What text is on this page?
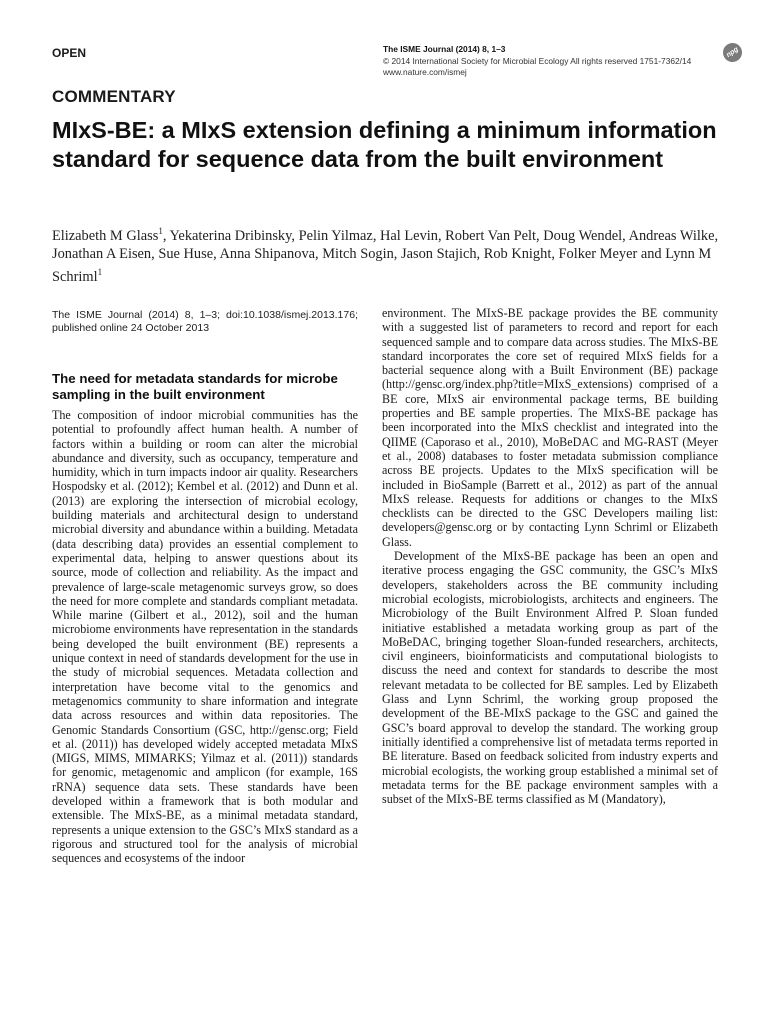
OPEN	The ISME Journal (2014) 8, 1–3
© 2014 International Society for Microbial Ecology All rights reserved 1751-7362/14
www.nature.com/ismej
npg
COMMENTARY
MIxS-BE: a MIxS extension defining a minimum information standard for sequence data from the built environment

Elizabeth M Glass$^1$, Yekaterina Dribinsky, Pelin Yilmaz, Hal Levin, Robert Van Pelt, Doug Wendel, Andreas Wilke, Jonathan A Eisen, Sue Huse, Anna Shipanova, Mitch Sogin, Jason Stajich, Rob Knight, Folker Meyer and Lynn M Schriml$^1$

The ISME Journal (2014) 8, 1–3; doi:10.1038/ismej.2013.176; published online 24 October 2013
The need for metadata standards for microbe sampling in the built environment

The composition of indoor microbial communities has the potential to profoundly affect human health. A number of factors within a building or room can alter the microbial abundance and diversity, such as occupancy, temperature and humidity, which in turn impacts indoor air quality. Researchers Hospodsky et al. (2012); Kembel et al. (2012) and Dunn et al. (2013) are exploring the intersection of microbial ecology, building materials and architectural design to understand microbial diversity and abundance within a building. Metadata (data describing data) provides an essential complement to experimental data, helping to answer questions about its source, mode of collection and reliability. As the impact and prevalence of large-scale metagenomic surveys grow, so does the need for more complete and standards compliant metadata. While marine (Gilbert et al., 2012), soil and the human microbiome environments have representation in the standards being developed the built environment (BE) represents a unique context in need of standards development for the use in the study of microbial sequences. Metadata collection and interpretation have become vital to the genomics and metagenomics community to share information and integrate data across resources and within data repositories. The Genomic Standards Consortium (GSC, http://gensc.org; Field et al. (2011)) has developed widely accepted metadata MIxS (MIGS, MIMS, MIMARKS; Yilmaz et al. (2011)) standards for genomic, metagenomic and amplicon (for example, 16S rRNA) sequence data sets. These standards have been developed within a framework that is both modular and extensible. The MIxS-BE, as a minimal metadata standard, represents a unique extension to the GSC’s MIxS standard as a rigorous and structured tool for the analysis of microbial sequences and ecosystems of the indoor

environment. The MIxS-BE package provides the BE community with a suggested list of parameters to record and report for each sequenced sample and to compare data across studies. The MIxS-BE standard incorporates the core set of required MIxS fields for a bacterial sequence along with a Built Environment (BE) package (http://gensc.org/index.php?title=MIxS_extensions) comprised of a BE core, MIxS air environmental package terms, BE building properties and BE sample properties. The MIxS-BE package has been incorporated into the MIxS checklist and integrated into the QIIME (Caporaso et al., 2010), MoBeDAC and MG-RAST (Meyer et al., 2008) databases to foster metadata submission compliance across BE projects. Updates to the MIxS specification will be included in BioSample (Barrett et al., 2012) as part of the annual MIxS release. Requests for additions or changes to the MIxS checklists can be directed to the GSC Developers mailing list: developers@gensc.org or by contacting Lynn Schriml or Elizabeth Glass.

Development of the MIxS-BE package has been an open and iterative process engaging the GSC community, the GSC’s MIxS developers, stakeholders across the BE community including microbial ecologists, microbiologists, architects and engineers. The Microbiology of the Built Environment Alfred P. Sloan funded initiative established a metadata working group as part of the MoBeDAC, bringing together Sloan-funded researchers, architects, civil engineers, bioinformaticists and computational biologists to discuss the need and context for standards to describe the most relevant metadata to be collected for BE samples. Led by Elizabeth Glass and Lynn Schriml, the working group proposed the development of the BE-MIxS package to the GSC and gained the GSC’s board approval to develop the standard. The working group initially identified a comprehensive list of metadata terms reported in BE literature. Based on feedback solicited from industry experts and microbial ecologists, the working group established a minimal set of metadata terms for the BE package environment samples with a subset of the MIxS-BE terms classified as M (Mandatory),
